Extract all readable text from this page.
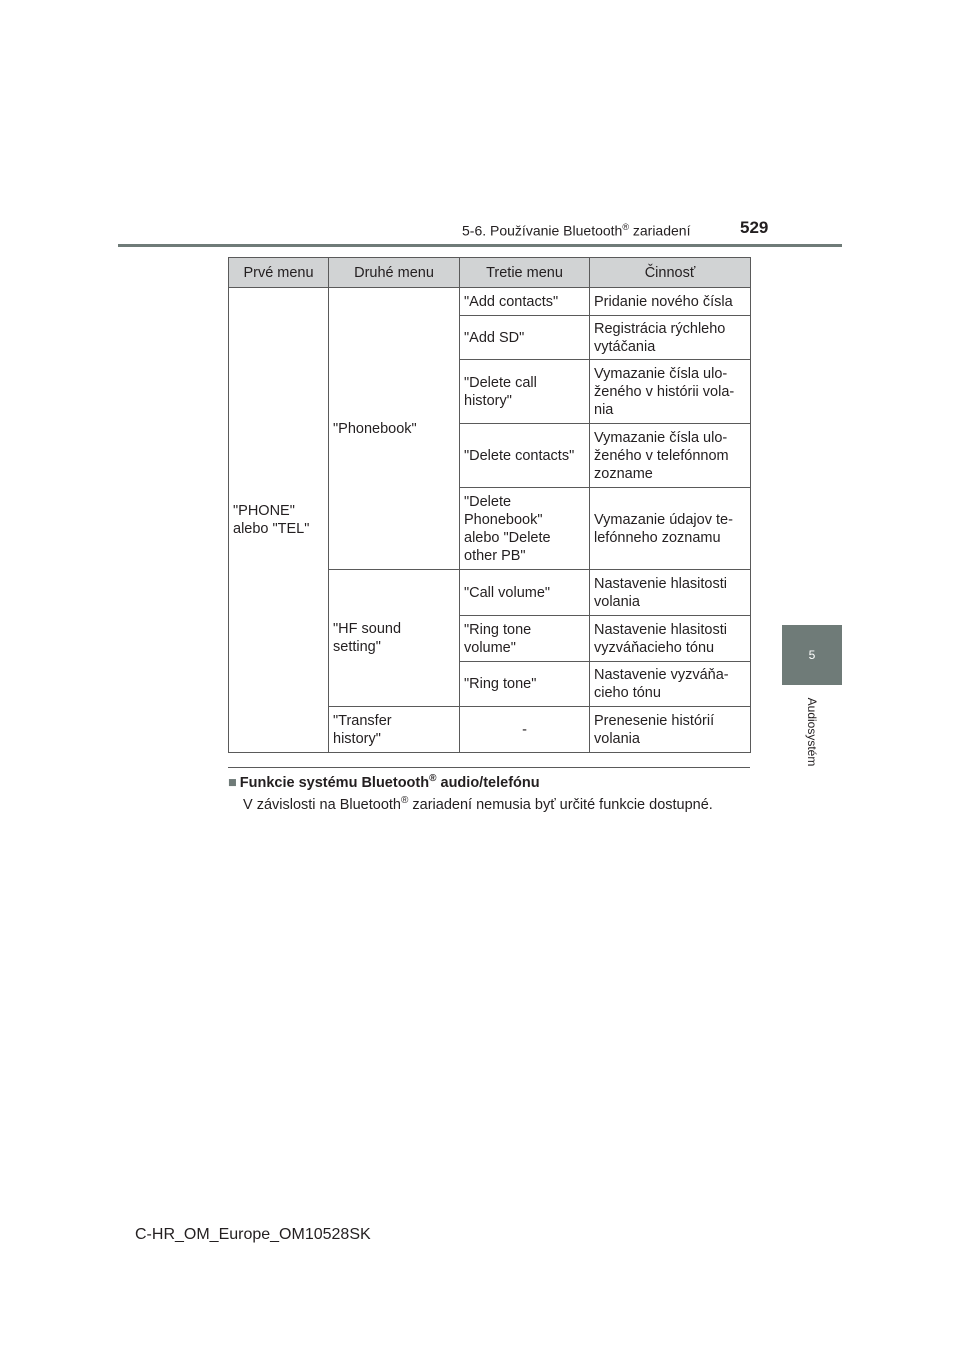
5-6. Používanie Bluetooth® zariadení	529
5
Audiosystém
Prvé menu	Druhé menu	Tretie menu	Činnosť

"PHONE"
alebo "TEL"	"Phonebook"	"Add contacts"	Pridanie nového čísla

		"Add SD"	Registrácia rýchleho
vytáčania

		"Delete call
history"	Vymazanie čísla ulo-
ženého v histórii vola-
nia

		"Delete contacts"	Vymazanie čísla ulo-
ženého v telefónnom
zozname

		"Delete
Phonebook"
alebo "Delete
other PB"	Vymazanie údajov te-
lefónneho zoznamu

	"HF sound
setting"	"Call volume"	Nastavenie hlasitosti
volania

		"Ring tone
volume"	Nastavenie hlasitosti
vyzváňacieho tónu

		"Ring tone"	Nastavenie vyzváňa-
cieho tónu

	"Transfer
history"	-	Prenesenie histórií
volania
■ Funkcie systému Bluetooth® audio/telefónu
V závislosti na Bluetooth® zariadení nemusia byť určité funkcie dostupné.
C-HR_OM_Europe_OM10528SK
